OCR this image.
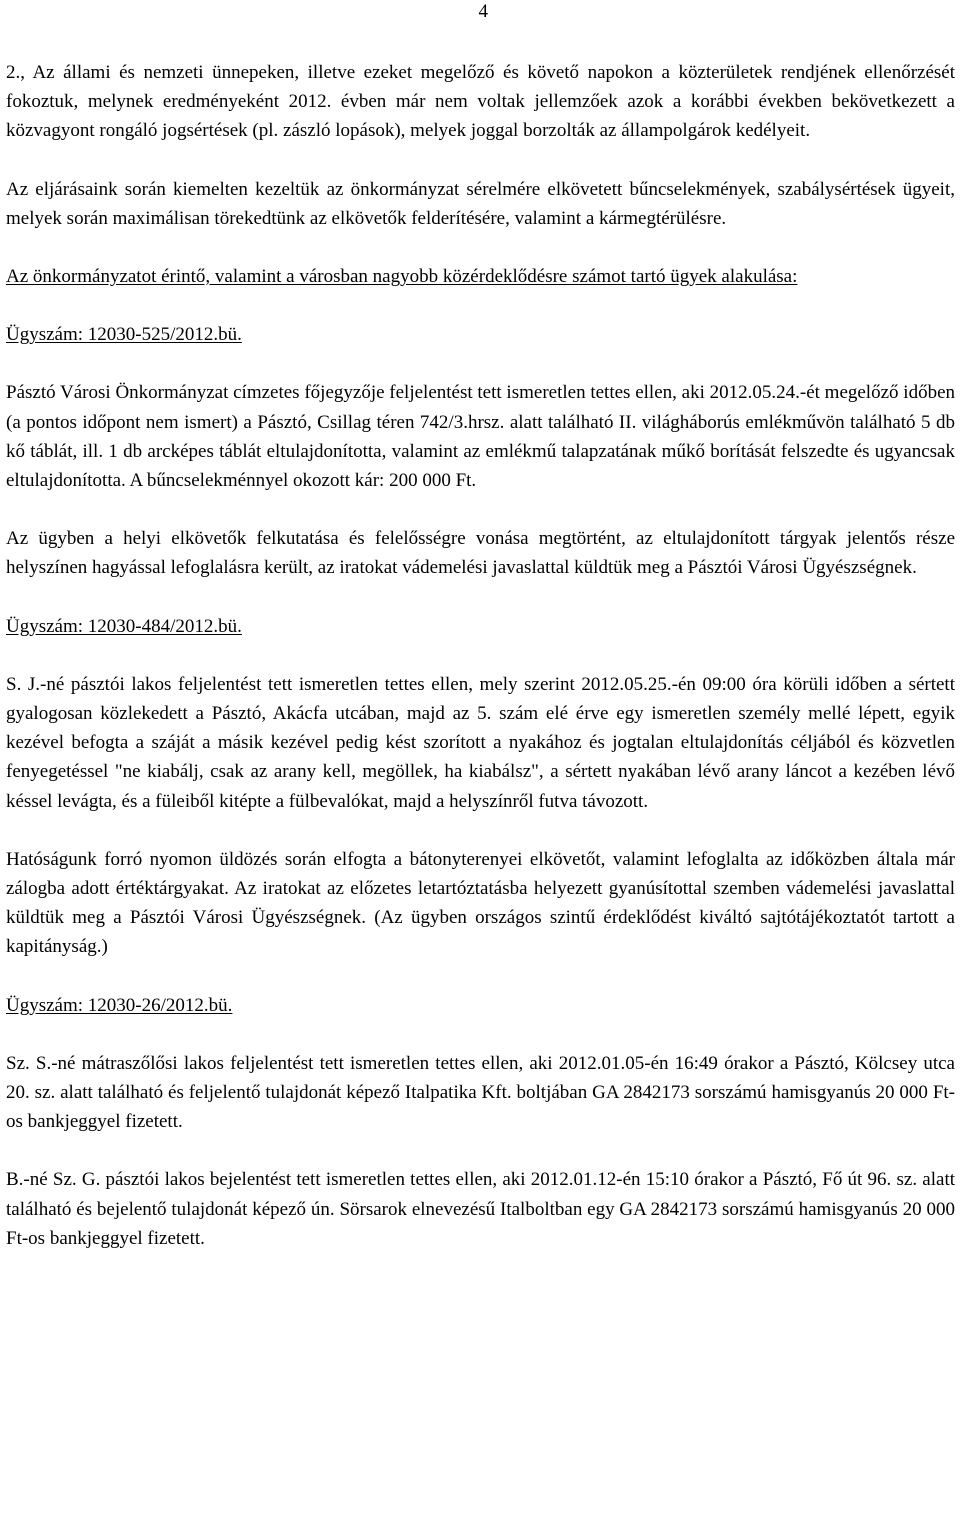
4

2., Az állami és nemzeti ünnepeken, illetve ezeket megelőző és követő napokon a közterületek rendjének ellenőrzését fokoztuk, melynek eredményeként 2012. évben már nem voltak jellemzőek azok a korábbi években bekövetkezett a közvagyont rongáló jogsértések (pl. zászló lopások), melyek joggal borzolták az állampolgárok kedélyeit.

Az eljárásaink során kiemelten kezeltük az önkormányzat sérelmére elkövetett bűncselekmények, szabálysértések ügyeit, melyek során maximálisan törekedtünk az elkövetők felderítésére, valamint a kármegtérülésre.

Az önkormányzatot érintő, valamint a városban nagyobb közérdeklődésre számot tartó ügyek alakulása:

Ügyszám: 12030-525/2012.bü.

Pásztó Városi Önkormányzat címzetes főjegyzője feljelentést tett ismeretlen tettes ellen, aki 2012.05.24.-ét megelőző időben (a pontos időpont nem ismert) a Pásztó, Csillag téren 742/3.hrsz. alatt található II. világháborús emlékművön található 5 db kő táblát, ill. 1 db arcképes táblát eltulajdonította, valamint az emlékmű talapzatának műkő borítását felszedte és ugyancsak eltulajdonította. A bűncselekménnyel okozott kár: 200 000 Ft.

Az ügyben a helyi elkövetők felkutatása és felelősségre vonása megtörtént, az eltulajdonított tárgyak jelentős része helyszínen hagyással lefoglalásra került, az iratokat vádemelési javaslattal küldtük meg a Pásztói Városi Ügyészségnek.

Ügyszám: 12030-484/2012.bü.

S. J.-né pásztói lakos feljelentést tett ismeretlen tettes ellen, mely szerint 2012.05.25.-én 09:00 óra körüli időben a sértett gyalogosan közlekedett a Pásztó, Akácfa utcában, majd az 5. szám elé érve egy ismeretlen személy mellé lépett, egyik kezével befogta a száját a másik kezével pedig kést szorított a nyakához és jogtalan eltulajdonítás céljából és közvetlen fenyegetéssel "ne kiabálj, csak az arany kell, megöllek, ha kiabálsz", a sértett nyakában lévő arany láncot a kezében lévő késsel levágta, és a füleiből kitépte a fülbevalókat, majd a helyszínről futva távozott.

Hatóságunk forró nyomon üldözés során elfogta a bátonyterenyei elkövetőt, valamint lefoglalta az időközben általa már zálogba adott értéktárgyakat. Az iratokat az előzetes letartóztatásba helyezett gyanúsítottal szemben vádemelési javaslattal küldtük meg a Pásztói Városi Ügyészségnek. (Az ügyben országos szintű érdeklődést kiváltó sajtótájékoztatót tartott a kapitányság.)

Ügyszám: 12030-26/2012.bü.

Sz. S.-né mátraszőlősi lakos feljelentést tett ismeretlen tettes ellen, aki 2012.01.05-én 16:49 órakor a Pásztó, Kölcsey utca 20. sz. alatt található és feljelentő tulajdonát képező Italpatika Kft. boltjában GA 2842173 sorszámú hamisgyanús 20 000 Ft-os bankjeggyel fizetett.

B.-né Sz. G. pásztói lakos bejelentést tett ismeretlen tettes ellen, aki 2012.01.12-én 15:10 órakor a Pásztó, Fő út 96. sz. alatt található és bejelentő tulajdonát képező ún. Sörsarok elnevezésű Italboltban egy GA 2842173 sorszámú hamisgyanús 20 000 Ft-os bankjeggyel fizetett.
